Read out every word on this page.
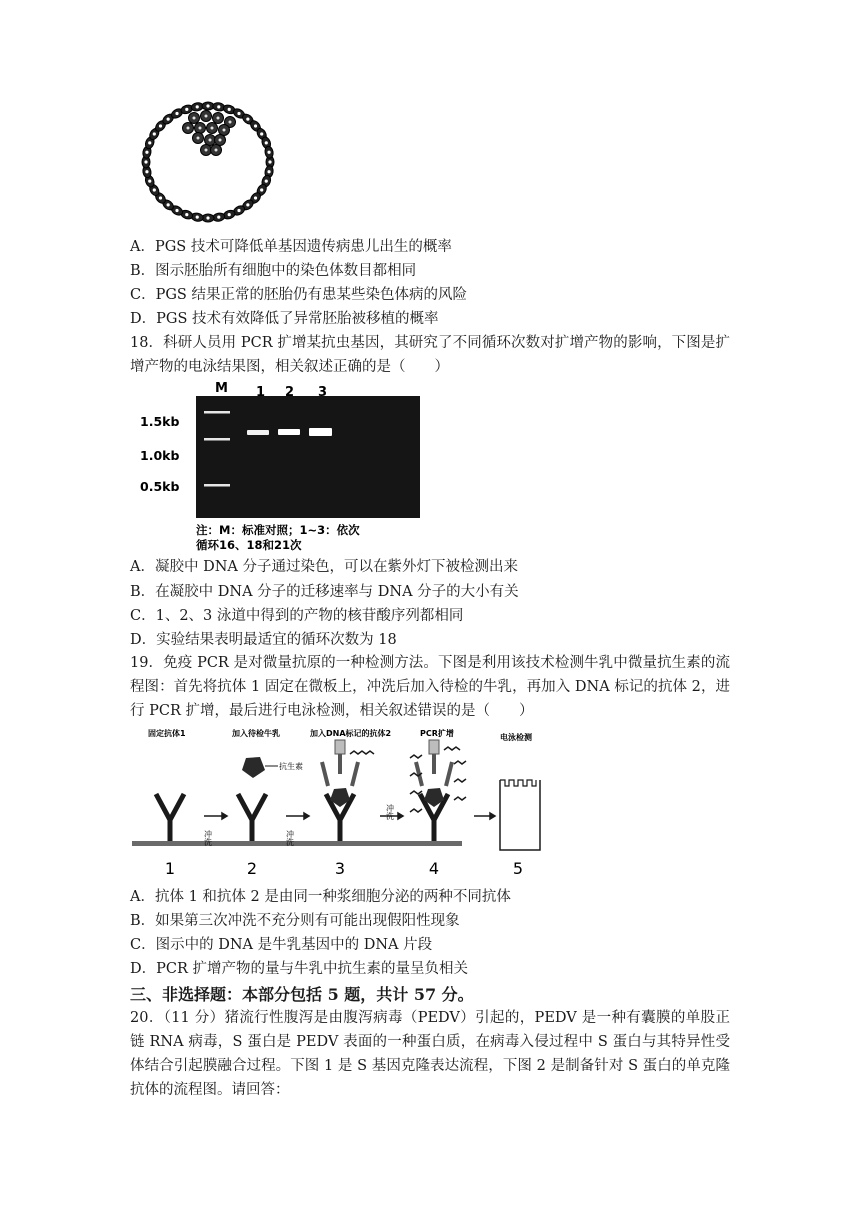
A．PGS 技术可降低单基因遗传病患儿出生的概率
B．图示胚胎所有细胞中的染色体数目都相同
C．PGS 结果正常的胚胎仍有患某些染色体病的风险
D．PGS 技术有效降低了异常胚胎被移植的概率
18．科研人员用 PCR 扩增某抗虫基因，其研究了不同循环次数对扩增产物的影响，下图是扩增产物的电泳结果图，相关叙述正确的是（　　）
M 1 2 3
1.5kb
1.0kb
0.5kb
注：M：标准对照；1~3：依次
循环16、18和21次
A．凝胶中 DNA 分子通过染色，可以在紫外灯下被检测出来
B．在凝胶中 DNA 分子的迁移速率与 DNA 分子的大小有关
C．1、2、3 泳道中得到的产物的核苷酸序列都相同
D．实验结果表明最适宜的循环次数为 18
19．免疫 PCR 是对微量抗原的一种检测方法。下图是利用该技术检测牛乳中微量抗生素的流程图：首先将抗体 1 固定在微板上，冲洗后加入待检的牛乳，再加入 DNA 标记的抗体 2，进行 PCR 扩增，最后进行电泳检测，相关叙述错误的是（　　）
固定抗体1	加入待检牛乳	加入DNA标记的抗体2	PCR扩增	电泳检测
抗生素
冲洗	冲洗
冲洗
1	2	3	4	5
A．抗体 1 和抗体 2 是由同一种浆细胞分泌的两种不同抗体
B．如果第三次冲洗不充分则有可能出现假阳性现象
C．图示中的 DNA 是牛乳基因中的 DNA 片段
D．PCR 扩增产物的量与牛乳中抗生素的量呈负相关
三、非选择题：本部分包括 5 题，共计 57 分。
20．（11 分）猪流行性腹泻是由腹泻病毒（PEDV）引起的，PEDV 是一种有囊膜的单股正链 RNA 病毒，S 蛋白是 PEDV 表面的一种蛋白质，在病毒入侵过程中 S 蛋白与其特异性受体结合引起膜融合过程。下图 1 是 S 基因克隆表达流程，下图 2 是制备针对 S 蛋白的单克隆抗体的流程图。请回答：
